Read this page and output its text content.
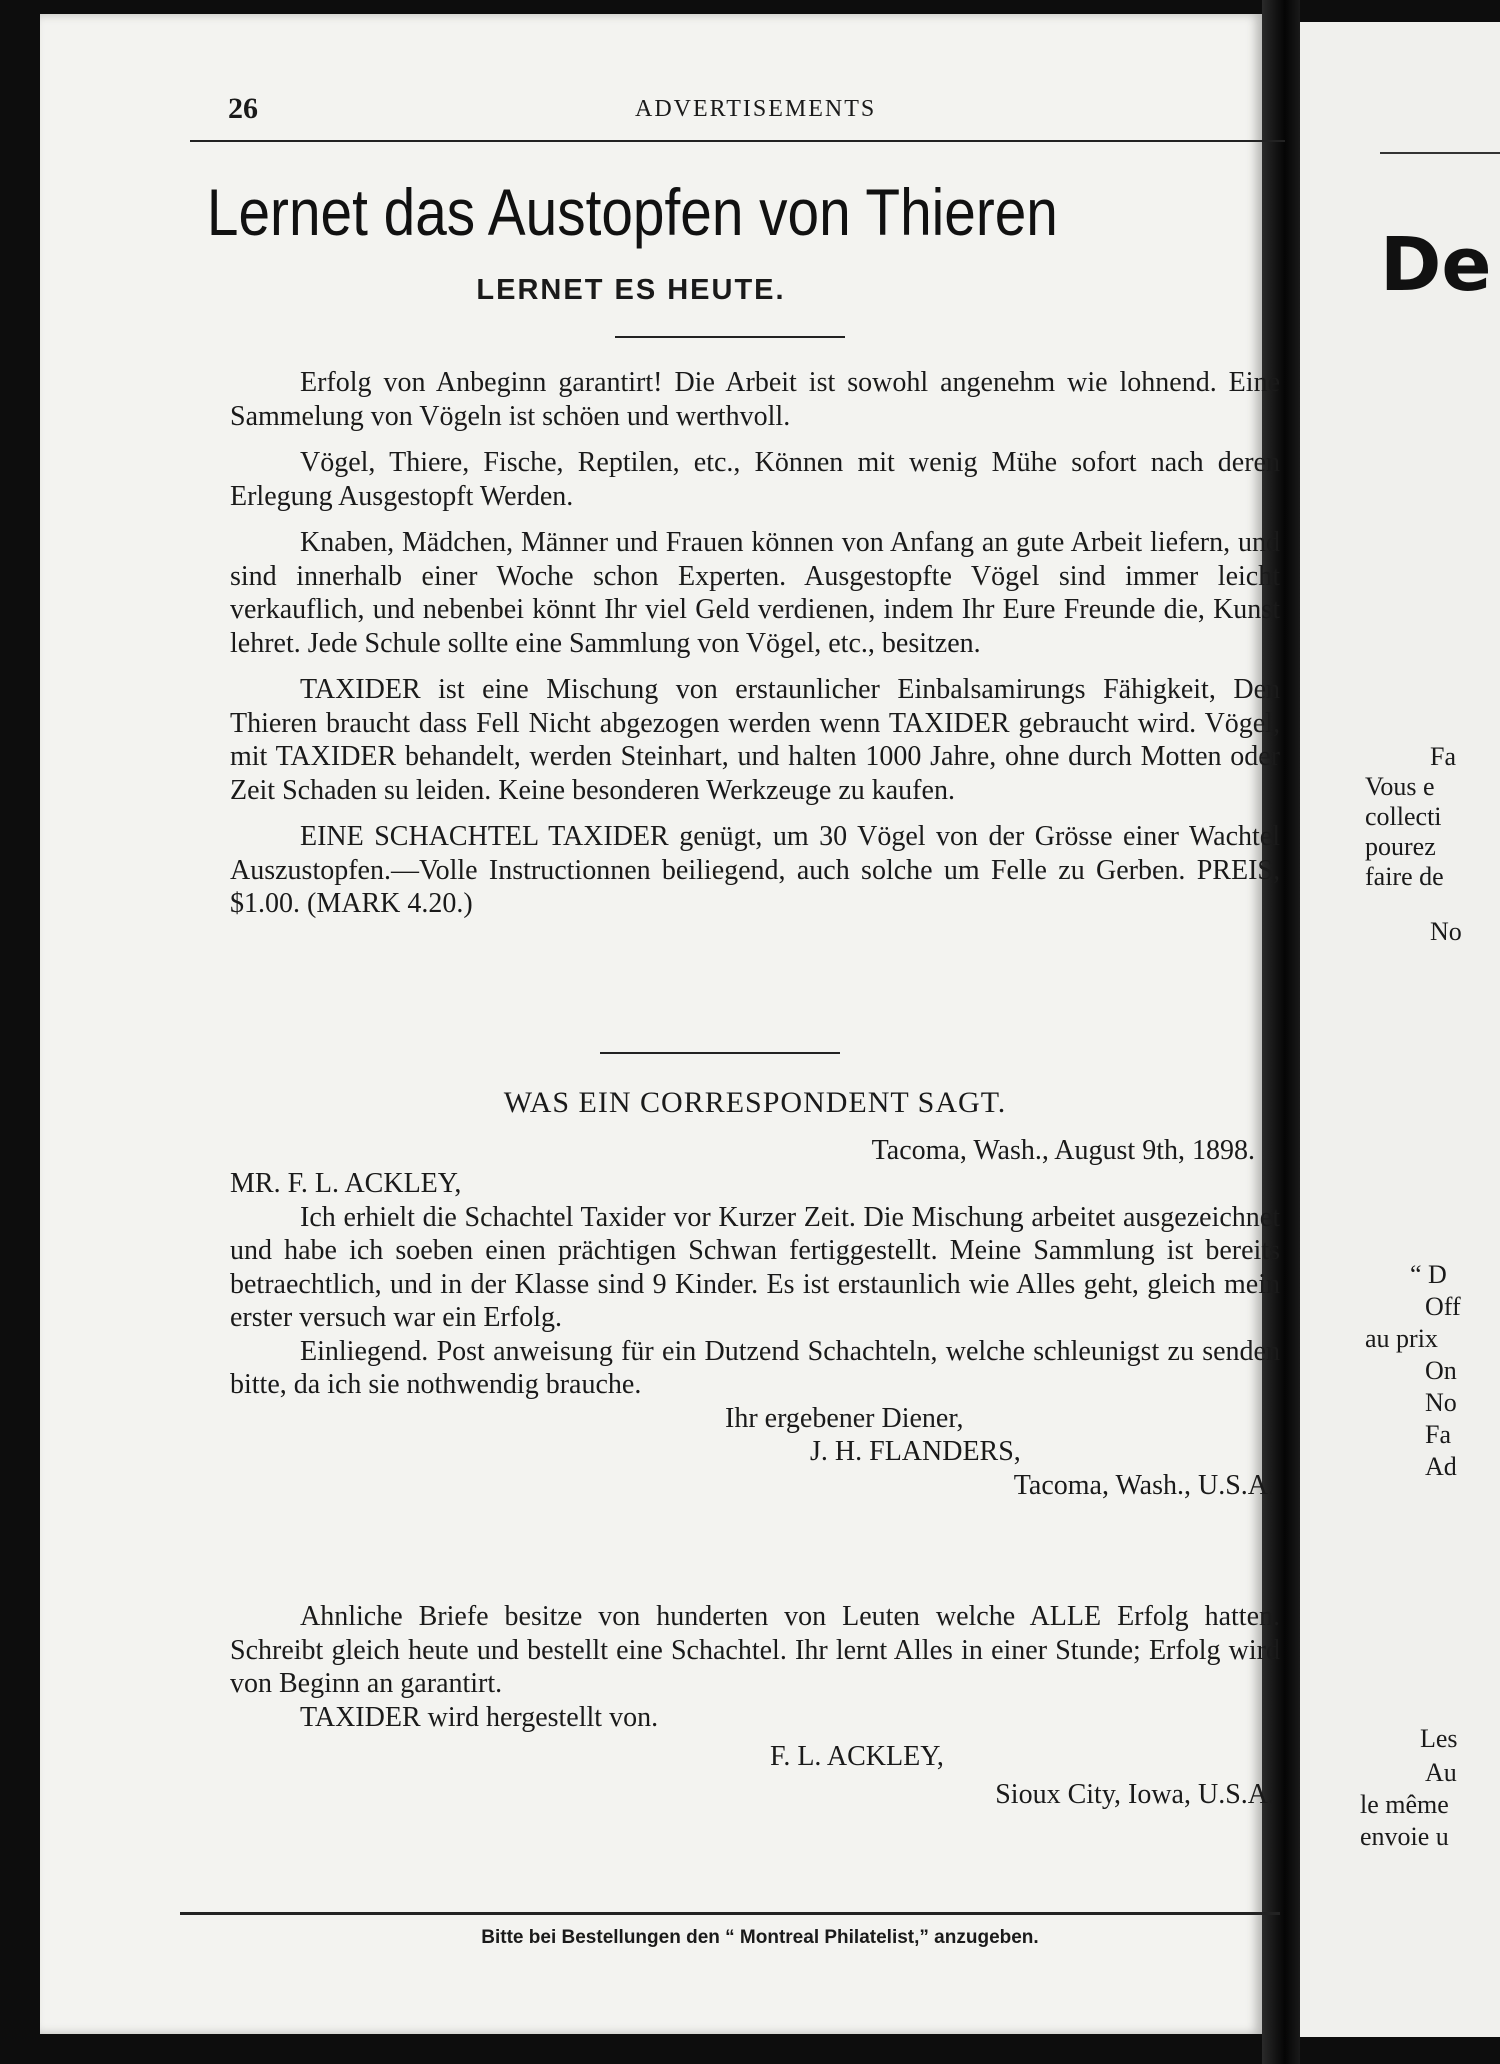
26	ADVERTISEMENTS
Lernet das Austopfen von Thieren
LERNET ES HEUTE.

Erfolg von Anbeginn garantirt! Die Arbeit ist sowohl angenehm wie lohnend. Eine Sammelung von Vögeln ist schöen und werthvoll.

Vögel, Thiere, Fische, Reptilen, etc., Können mit wenig Mühe sofort nach deren Erlegung Ausgestopft Werden.

Knaben, Mädchen, Männer und Frauen können von Anfang an gute Arbeit liefern, und sind innerhalb einer Woche schon Experten. Ausgestopfte Vögel sind immer leicht verkauflich, und nebenbei könnt Ihr viel Geld verdienen, indem Ihr Eure Freunde die, Kunst lehret. Jede Schule sollte eine Sammlung von Vögel, etc., besitzen.

TAXIDER ist eine Mischung von erstaunlicher Einbalsamirungs Fähigkeit, Den Thieren braucht dass Fell Nicht abgezogen werden wenn TAXIDER gebraucht wird. Vögel, mit TAXIDER behandelt, werden Steinhart, und halten 1000 Jahre, ohne durch Motten oder Zeit Schaden su leiden. Keine besonderen Werkzeuge zu kaufen.

EINE SCHACHTEL TAXIDER genügt, um 30 Vögel von der Grösse einer Wachtel Auszustopfen.—Volle Instructionnen beiliegend, auch solche um Felle zu Gerben. PREIS, $1.00. (MARK 4.20.)

WAS EIN CORRESPONDENT SAGT.
Tacoma, Wash., August 9th, 1898.
MR. F. L. ACKLEY,

Ich erhielt die Schachtel Taxider vor Kurzer Zeit. Die Mischung arbeitet ausgezeichnet und habe ich soeben einen prächtigen Schwan fertiggestellt. Meine Sammlung ist bereits betraechtlich, und in der Klasse sind 9 Kinder. Es ist erstaunlich wie Alles geht, gleich mein erster versuch war ein Erfolg.

Einliegend. Post anweisung für ein Dutzend Schachteln, welche schleunigst zu senden bitte, da ich sie nothwendig brauche.

Ihr ergebener Diener,
J. H. FLANDERS,
Tacoma, Wash., U.S.A.

Ahnliche Briefe besitze von hunderten von Leuten welche ALLE Erfolg hatten. Schreibt gleich heute und bestellt eine Schachtel. Ihr lernt Alles in einer Stunde; Erfolg wird von Beginn an garantirt.

TAXIDER wird hergestellt von.
F. L. ACKLEY,
Sioux City, Iowa, U.S.A.
Bitte bei Bestellungen den “ Montreal Philatelist,” anzugeben.
De
Fa
Vous e
collecti
pourez
faire de
No
“ D
Off
au prix
On
No
Fa
Ad
Les
Au
le même
envoie u
